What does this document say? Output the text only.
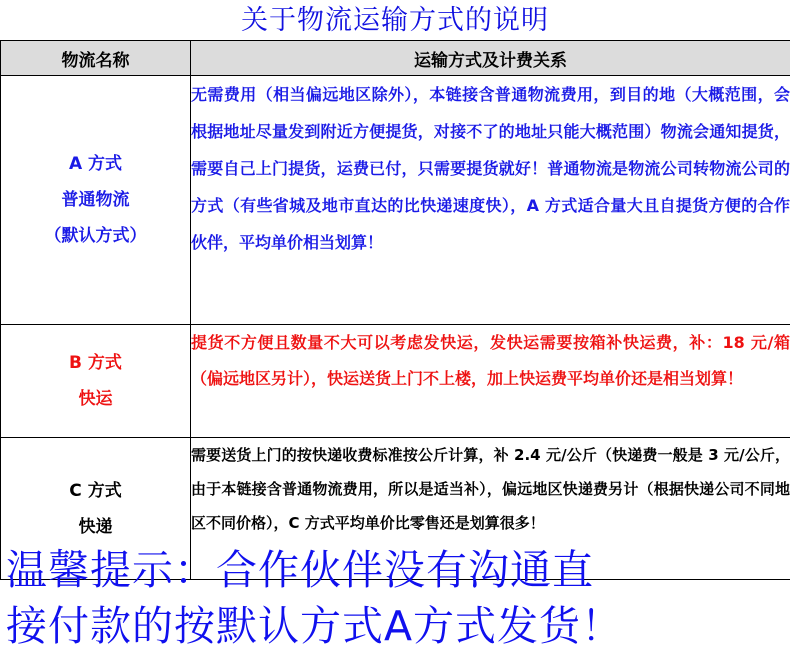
关于物流运输方式的说明
物流名称	运输方式及计费关系

A 方式
普通物流
（默认方式）	无需费用（相当偏远地区除外），本链接含普通物流费用，到目的地（大概范围，会根据地址尽量发到附近方便提货，对接不了的地址只能大概范围）物流会通知提货，需要自己上门提货，运费已付，只需要提货就好！普通物流是物流公司转物流公司的方式（有些省城及地市直达的比快递速度快），A 方式适合量大且自提货方便的合作伙伴，平均单价相当划算！

B 方式
快运	提货不方便且数量不大可以考虑发快运，发快运需要按箱补快运费，补：18 元/箱（偏远地区另计），快运送货上门不上楼，加上快运费平均单价还是相当划算！

C 方式
快递	需要送货上门的按快递收费标准按公斤计算，补 2.4 元/公斤（快递费一般是 3 元/公斤，由于本链接含普通物流费用，所以是适当补），偏远地区快递费另计（根据快递公司不同地区不同价格），C 方式平均单价比零售还是划算很多！
温馨提示：合作伙伴没有沟通直
接付款的按默认方式A方式发货！
